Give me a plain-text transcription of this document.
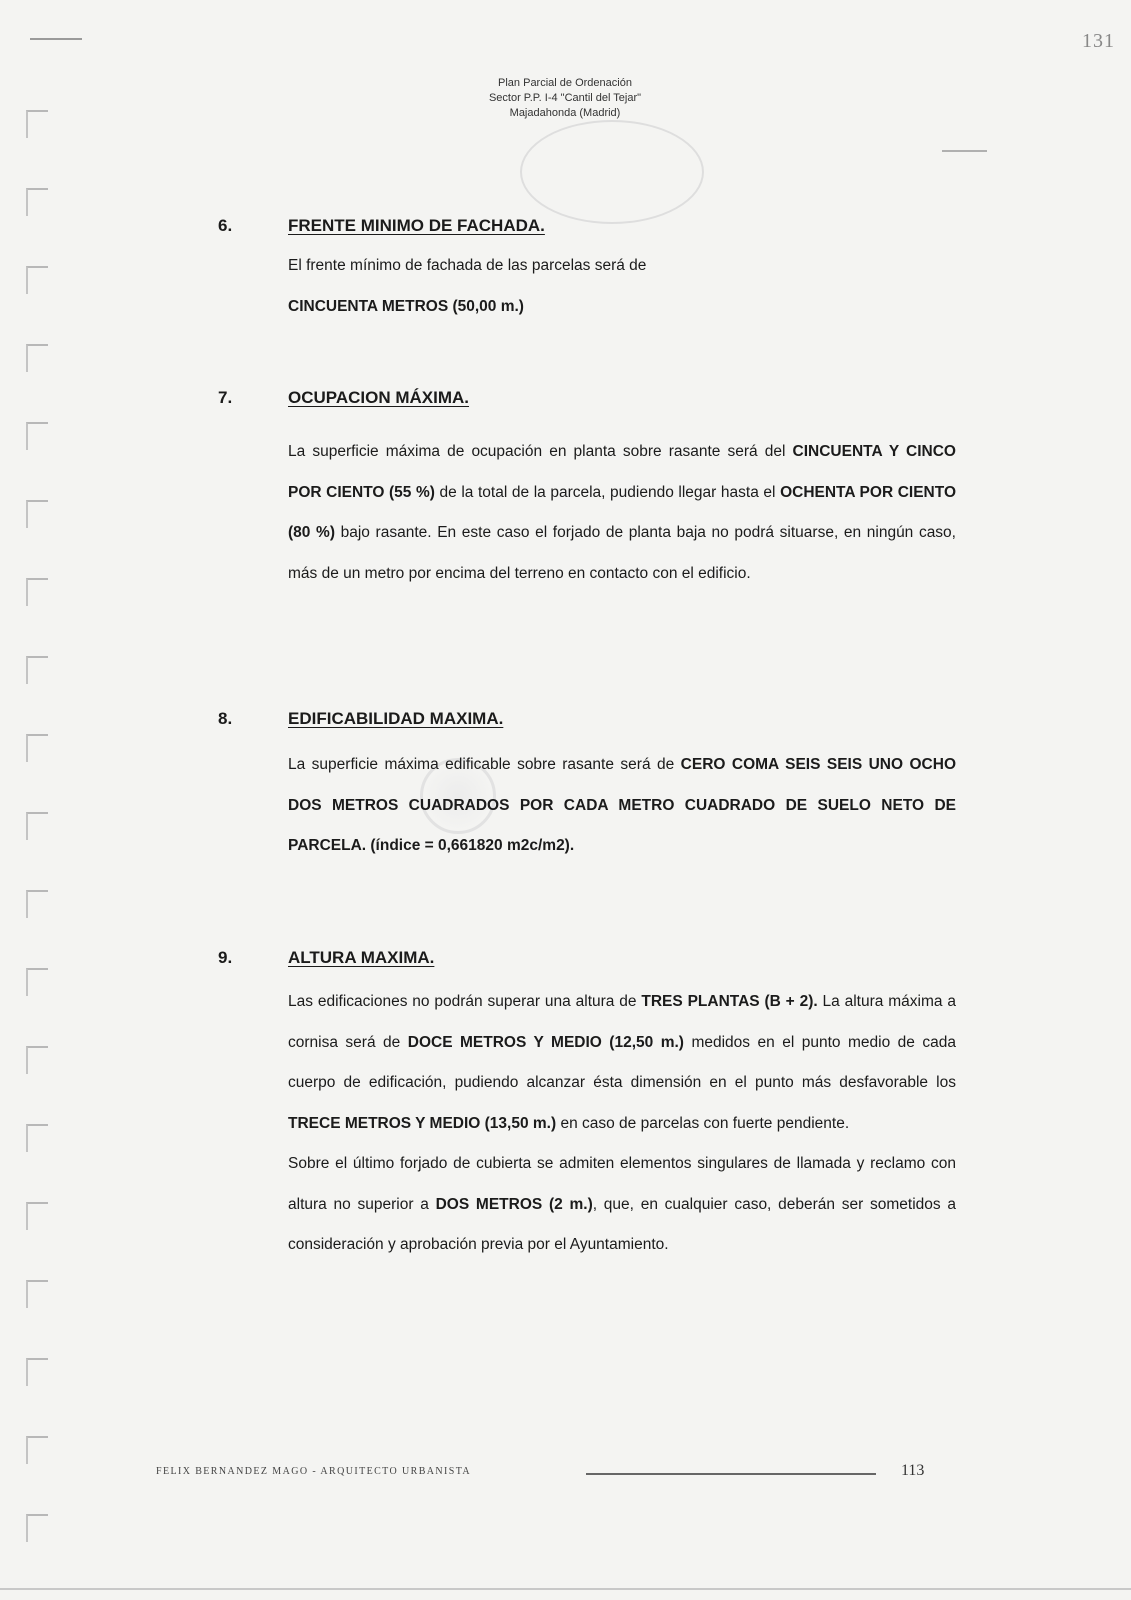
131
Plan Parcial de Ordenación
Sector P.P. I-4 "Cantil del Tejar"
Majadahonda (Madrid)
6.	FRENTE MINIMO DE FACHADA.

El frente mínimo de fachada de las parcelas será de
CINCUENTA METROS (50,00 m.)

7.	OCUPACION MÁXIMA.

La superficie máxima de ocupación en planta sobre rasante será del CINCUENTA Y CINCO POR CIENTO (55 %) de la total de la parcela, pudiendo llegar hasta el OCHENTA POR CIENTO (80 %) bajo rasante. En este caso el forjado de planta baja no podrá situarse, en ningún caso, más de un metro por encima del terreno en contacto con el edificio.

8.	EDIFICABILIDAD MAXIMA.

La superficie máxima edificable sobre rasante será de CERO COMA SEIS SEIS UNO OCHO DOS METROS CUADRADOS POR CADA METRO CUADRADO DE SUELO NETO DE PARCELA. (índice = 0,661820 m2c/m2).

9.	ALTURA MAXIMA.

Las edificaciones no podrán superar una altura de TRES PLANTAS (B + 2). La altura máxima a cornisa será de DOCE METROS Y MEDIO (12,50 m.) medidos en el punto medio de cada cuerpo de edificación, pudiendo alcanzar ésta dimensión en el punto más desfavorable los TRECE METROS Y MEDIO (13,50 m.) en caso de parcelas con fuerte pendiente.

Sobre el último forjado de cubierta se admiten elementos singulares de llamada y reclamo con altura no superior a DOS METROS (2 m.), que, en cualquier caso, deberán ser sometidos a consideración y aprobación previa por el Ayuntamiento.

FELIX BERNANDEZ MAGO - ARQUITECTO URBANISTA	113
